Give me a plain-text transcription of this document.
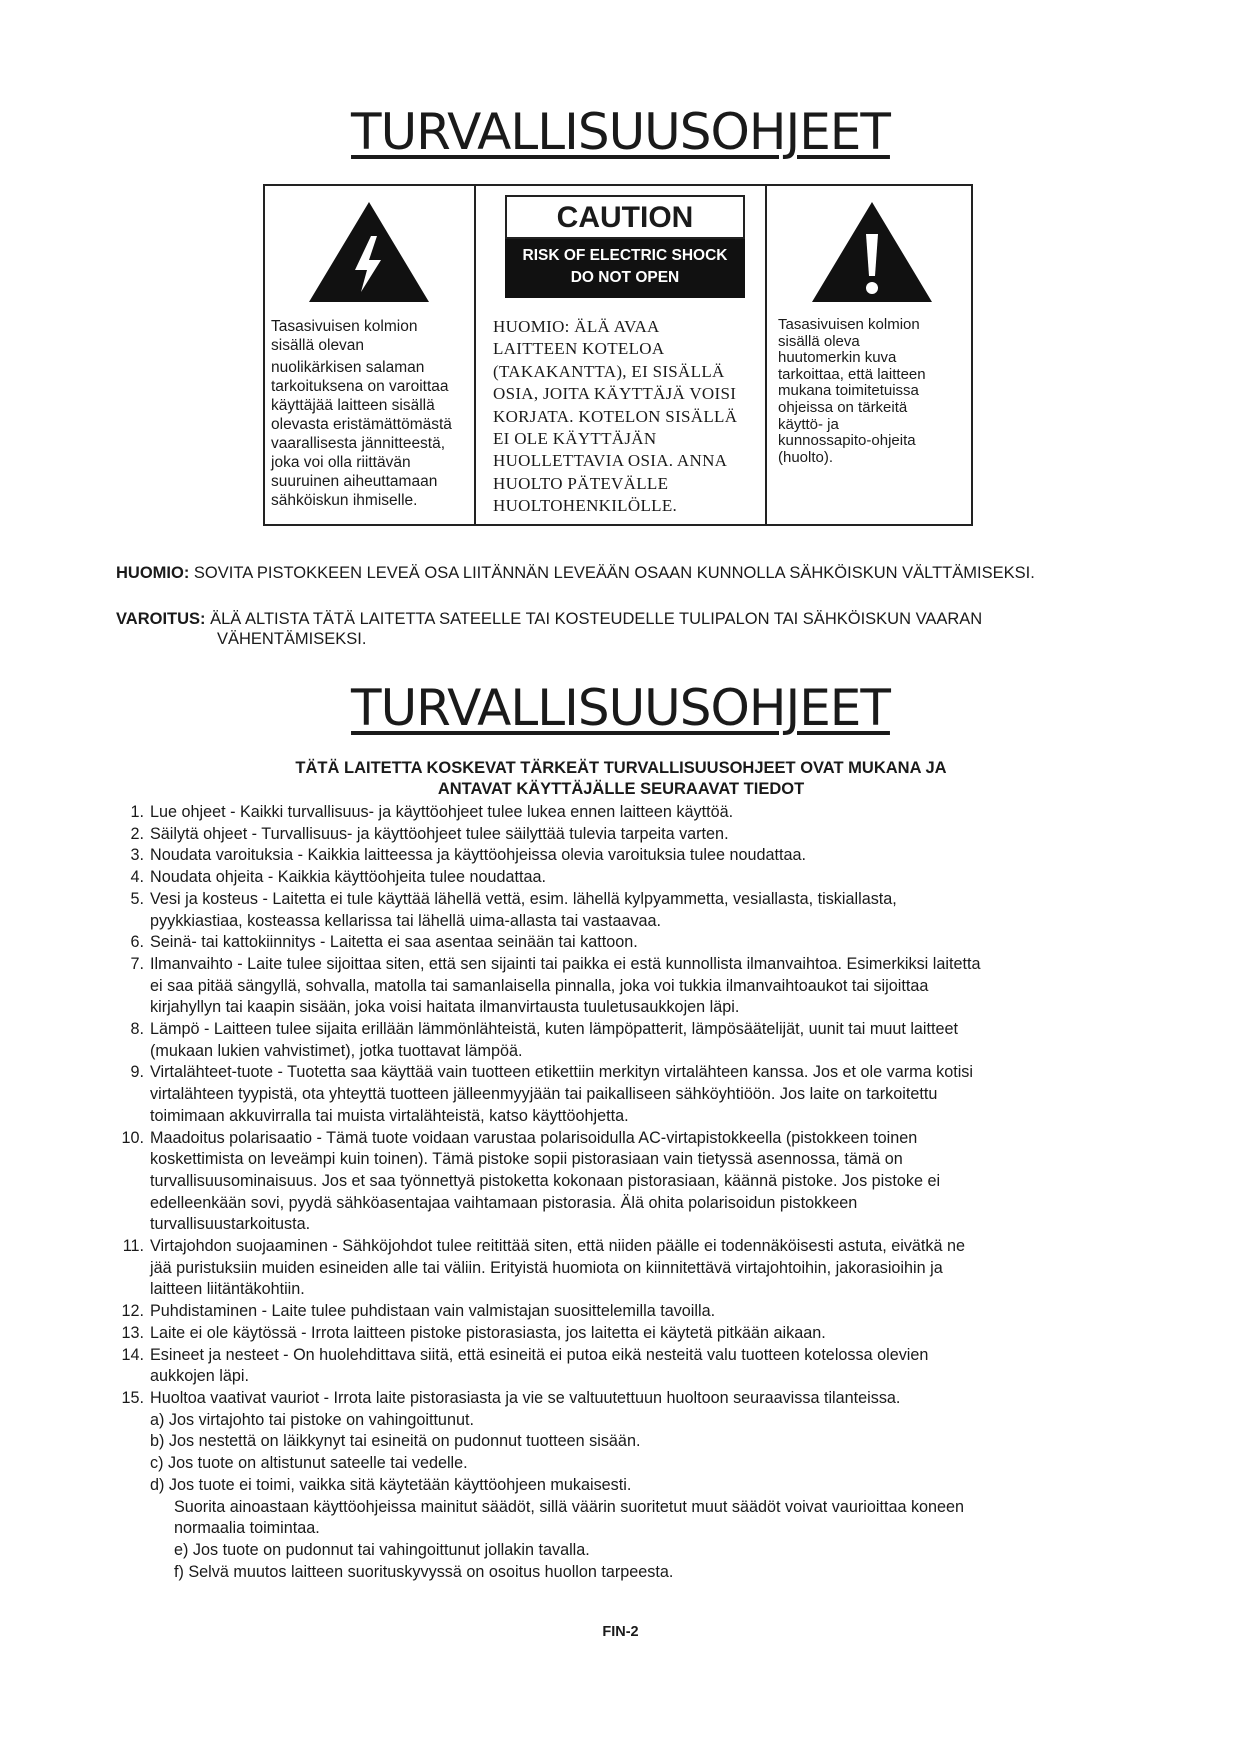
TURVALLISUUSOHJEET
Tasasivuisen kolmion
sisällä olevan
nuolikärkisen salaman
tarkoituksena on varoittaa
käyttäjää laitteen sisällä
olevasta eristämättömästä
vaarallisesta jännitteestä,
joka voi olla riittävän
suuruinen aiheuttamaan
sähköiskun ihmiselle.
CAUTION
RISK OF ELECTRIC SHOCK
DO NOT OPEN
HUOMIO: ÄLÄ AVAA
LAITTEEN KOTELOA
(TAKAKANTTA), EI SISÄLLÄ
OSIA, JOITA KÄYTTÄJÄ VOISI
KORJATA. KOTELON SISÄLLÄ
EI OLE KÄYTTÄJÄN
HUOLLETTAVIA OSIA. ANNA
HUOLTO PÄTEVÄLLE
HUOLTOHENKILÖLLE.
Tasasivuisen kolmion
sisällä oleva
huutomerkin kuva
tarkoittaa, että laitteen
mukana toimitetuissa
ohjeissa on tärkeitä
käyttö- ja
kunnossapito-ohjeita
(huolto).
HUOMIO: SOVITA PISTOKKEEN LEVEÄ OSA LIITÄNNÄN LEVEÄÄN OSAAN KUNNOLLA SÄHKÖISKUN VÄLTTÄMISEKSI.
VAROITUS: ÄLÄ ALTISTA TÄTÄ LAITETTA SATEELLE TAI KOSTEUDELLE TULIPALON TAI SÄHKÖISKUN VAARAN
VÄHENTÄMISEKSI.
TURVALLISUUSOHJEET
TÄTÄ LAITETTA KOSKEVAT TÄRKEÄT TURVALLISUUSOHJEET OVAT MUKANA JA
ANTAVAT KÄYTTÄJÄLLE SEURAAVAT TIEDOT
1. Lue ohjeet - Kaikki turvallisuus- ja käyttöohjeet tulee lukea ennen laitteen käyttöä.
2. Säilytä ohjeet - Turvallisuus- ja käyttöohjeet tulee säilyttää tulevia tarpeita varten.
3. Noudata varoituksia - Kaikkia laitteessa ja käyttöohjeissa olevia varoituksia tulee noudattaa.
4. Noudata ohjeita - Kaikkia käyttöohjeita tulee noudattaa.
5. Vesi ja kosteus - Laitetta ei tule käyttää lähellä vettä, esim. lähellä kylpyammetta, vesiallasta, tiskiallasta,
pyykkiastiaa, kosteassa kellarissa tai lähellä uima-allasta tai vastaavaa.
6. Seinä- tai kattokiinnitys - Laitetta ei saa asentaa seinään tai kattoon.
7. Ilmanvaihto - Laite tulee sijoittaa siten, että sen sijainti tai paikka ei estä kunnollista ilmanvaihtoa. Esimerkiksi laitetta
ei saa pitää sängyllä, sohvalla, matolla tai samanlaisella pinnalla, joka voi tukkia ilmanvaihtoaukot tai sijoittaa
kirjahyllyn tai kaapin sisään, joka voisi haitata ilmanvirtausta tuuletusaukkojen läpi.
8. Lämpö - Laitteen tulee sijaita erillään lämmönlähteistä, kuten lämpöpatterit, lämpösäätelijät, uunit tai muut laitteet
(mukaan lukien vahvistimet), jotka tuottavat lämpöä.
9. Virtalähteet-tuote - Tuotetta saa käyttää vain tuotteen etikettiin merkityn virtalähteen kanssa. Jos et ole varma kotisi
virtalähteen tyypistä, ota yhteyttä tuotteen jälleenmyyjään tai paikalliseen sähköyhtiöön. Jos laite on tarkoitettu
toimimaan akkuvirralla tai muista virtalähteistä, katso käyttöohjetta.
10. Maadoitus polarisaatio - Tämä tuote voidaan varustaa polarisoidulla AC-virtapistokkeella (pistokkeen toinen
koskettimista on leveämpi kuin toinen). Tämä pistoke sopii pistorasiaan vain tietyssä asennossa, tämä on
turvallisuusominaisuus. Jos et saa työnnettyä pistoketta kokonaan pistorasiaan, käännä pistoke. Jos pistoke ei
edelleenkään sovi, pyydä sähköasentajaa vaihtamaan pistorasia. Älä ohita polarisoidun pistokkeen
turvallisuustarkoitusta.
11. Virtajohdon suojaaminen - Sähköjohdot tulee reitittää siten, että niiden päälle ei todennäköisesti astuta, eivätkä ne
jää puristuksiin muiden esineiden alle tai väliin. Erityistä huomiota on kiinnitettävä virtajohtoihin, jakorasioihin ja
laitteen liitäntäkohtiin.
12. Puhdistaminen - Laite tulee puhdistaan vain valmistajan suosittelemilla tavoilla.
13. Laite ei ole käytössä - Irrota laitteen pistoke pistorasiasta, jos laitetta ei käytetä pitkään aikaan.
14. Esineet ja nesteet - On huolehdittava siitä, että esineitä ei putoa eikä nesteitä valu tuotteen kotelossa olevien
aukkojen läpi.
15. Huoltoa vaativat vauriot - Irrota laite pistorasiasta ja vie se valtuutettuun huoltoon seuraavissa tilanteissa.
a) Jos virtajohto tai pistoke on vahingoittunut.
b) Jos nestettä on läikkynyt tai esineitä on pudonnut tuotteen sisään.
c) Jos tuote on altistunut sateelle tai vedelle.
d) Jos tuote ei toimi, vaikka sitä käytetään käyttöohjeen mukaisesti.
Suorita ainoastaan käyttöohjeissa mainitut säädöt, sillä väärin suoritetut muut säädöt voivat vaurioittaa koneen
normaalia toimintaa.
e) Jos tuote on pudonnut tai vahingoittunut jollakin tavalla.
f) Selvä muutos laitteen suorituskyvyssä on osoitus huollon tarpeesta.
FIN-2
